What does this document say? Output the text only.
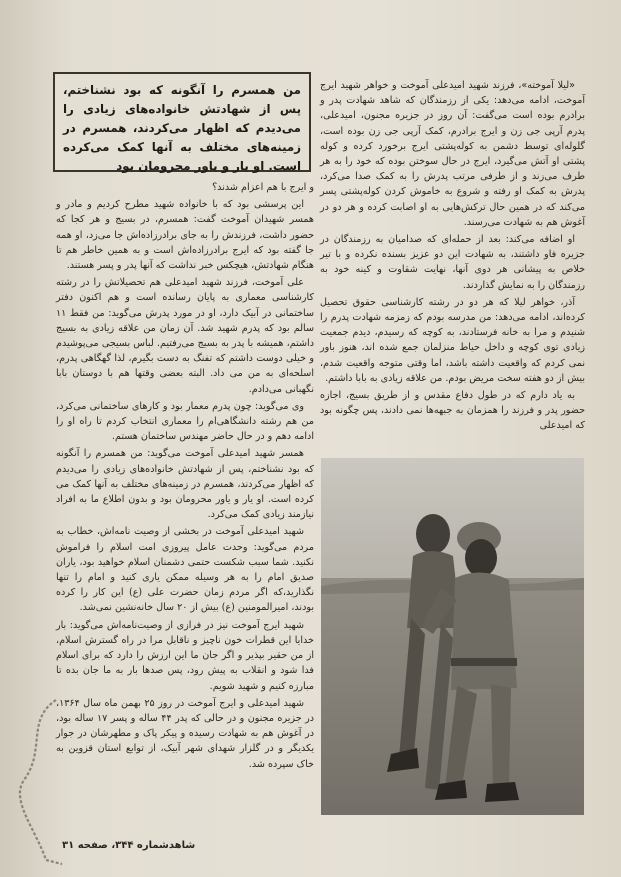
من همسرم را آنگونه که بود نشناختم، پس از شهادتش خانواده‌های زیادی را می‌دیدم که اظهار می‌کردند، همسرم در زمینه‌های مختلف به آنها کمک می‌کرده است. او یار و یاور محرومان بود

«لیلا آموخته»، فرزند شهید امیدعلی آموخت و خواهر شهید ایرج آموخت، ادامه می‌دهد: یکی از رزمندگان که شاهد شهادت پدر و برادرم بوده است می‌گفت: آن روز در جزیره مجنون، امیدعلی، پدرم آرپی جی زن و ایرج برادرم، کمک آرپی جی زن بوده است، گلوله‌ای توسط دشمن به کوله‌پشتی ایرج برخورد کرده و کوله پشتی او آتش می‌گیرد، ایرج در حال سوختن بوده که خود را به هر طرف می‌زند و از طرفی مرتب پدرش را به کمک صدا می‌کرد، پدرش به کمک او رفته و شروع به خاموش کردن کوله‌پشتی پسر می‌کند که در همین حال ترکش‌هایی به او اصابت کرده و هر دو در آغوش هم به شهادت می‌رسند.

او اضافه می‌کند: بعد از حمله‌ای که صدامیان به رزمندگان در جزیره فاو داشتند، به شهادت این دو عزیز بسنده نکرده و با تیر خلاص به پیشانی هر دوی آنها، نهایت شقاوت و کینه خود به رزمندگان را به نمایش گذاردند.

آذر، خواهر لیلا که هر دو در رشته کارشناسی حقوق تحصیل کرده‌اند، ادامه می‌دهد: من مدرسه بودم که زمزمه شهادت پدرم را شنیدم و مرا به خانه فرستادند، به کوچه که رسیدم، دیدم جمعیت زیادی توی کوچه و داخل حیاط منزلمان جمع شده اند، هنوز باور نمی کردم که واقعیت داشته باشد، اما وقتی متوجه واقعیت شدم، بیش از دو هفته سخت مریض بودم. من علاقه زیادی به بابا داشتم.

به یاد دارم که در طول دفاع مقدس و از طریق بسیج، اجازه حضور پدر و فرزند را همزمان به جبهه‌ها نمی دادند، پس چگونه بود که امیدعلی

و ایرج با هم اعزام شدند؟

این پرسشی بود که با خانواده شهید مطرح کردیم و مادر و همسر شهیدان آموخت گفت: همسرم، در بسیج و هر کجا که حضور داشت، فرزندش را به جای برادرزاده‌اش جا می‌زد، او همه جا گفته بود که ایرج برادرزاده‌اش است و به همین خاطر هم تا هنگام شهادتش، هیچکس خبر نداشت که آنها پدر و پسر هستند.

علی آموخت، فرزند شهید امیدعلی هم تحصیلاتش را در رشته کارشناسی معماری به پایان رسانده است و هم اکنون دفتر ساختمانی در آبیک دارد، او در مورد پدرش می‌گوید: من فقط ۱۱ سالم بود که پدرم شهید شد. آن زمان من علاقه زیادی به بسیج داشتم، همیشه با پدر به بسیج می‌رفتیم. لباس بسیجی می‌پوشیدم و خیلی دوست داشتم که تفنگ به دست بگیرم، لذا گهگاهی پدرم، اسلحه‌ای به من می داد. البته بعضی وقتها هم با دوستان بابا نگهبانی می‌دادم.

وی می‌گوید: چون پدرم معمار بود و کارهای ساختمانی می‌کرد، من هم رشته دانشگاهی‌ام را معماری انتخاب کردم تا راه او را ادامه دهم و در حال حاضر مهندس ساختمان هستم.

همسر شهید امیدعلی آموخت می‌گوید: من همسرم را آنگونه که بود نشناختم، پس از شهادتش خانواده‌های زیادی را می‌دیدم که اظهار می‌کردند، همسرم در زمینه‌های مختلف به آنها کمک می کرده است. او یار و یاور محرومان بود و بدون اطلاع ما به افراد نیازمند زیادی کمک می‌کرد.

شهید امیدعلی آموخت در بخشی از وصیت نامه‌اش، خطاب به مردم می‌گوید: وحدت عامل پیروزی امت اسلام را فراموش نکنید. شما سبب شکست حتمی دشمنان اسلام خواهید بود، یاران صدیق امام را به هر وسیله ممکن یاری کنید و امام را تنها نگذارید،که اگر مردم زمان حضرت علی (ع) این کار را کرده بودند، امیرالمومنین (ع) بیش از ۲۰ سال خانه‌نشین نمی‌شد.

شهید ایرج آموخت نیز در فرازی از وصیت‌نامه‌اش می‌گوید: بار خدایا این قطرات خون ناچیز و ناقابل مرا در راه گسترش اسلام، از من حقیر بپذیر و اگر جان ما این ارزش را دارد که برای اسلام فدا شود و انقلاب به پیش رود، پس صدها بار به ما جان بده تا مبارزه کنیم و شهید شویم.

شهید امیدعلی و ایرج آموخت در روز ۲۵ بهمن ماه سال ۱۳۶۴، در جزیره مجنون و در حالی که پدر ۴۴ ساله و پسر ۱۷ ساله بود، در آغوش هم به شهادت رسیده و پیکر پاک و مطهرشان در جوار یکدیگر و در گلزار شهدای شهر آبیک، از توابع استان قزوین به خاک سپرده شد.

شاهد‌شماره ۳۴۴، صفحه ۳۱
